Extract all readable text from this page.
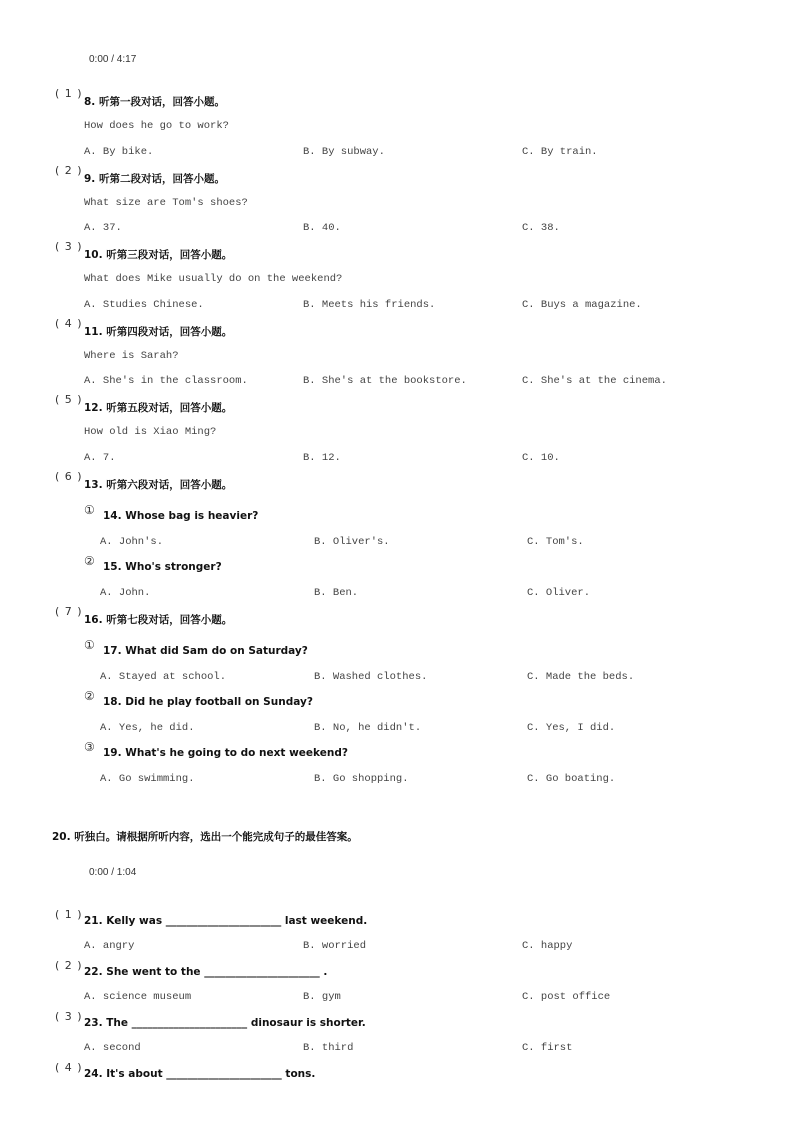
0:00 / 4:17
( 1 )
8. 听第一段对话，回答小题。
How does he go to work?
A. By bike.	B. By subway.	C. By train.
( 2 )
9. 听第二段对话，回答小题。
What size are Tom's shoes?
A. 37.	B. 40.	C. 38.
( 3 )
10. 听第三段对话，回答小题。
What does Mike usually do on the weekend?
A. Studies Chinese.	B. Meets his friends.	C. Buys a magazine.
( 4 )
11. 听第四段对话，回答小题。
Where is Sarah?
A. She's in the classroom.	B. She's at the bookstore.	C. She's at the cinema.
( 5 )
12. 听第五段对话，回答小题。
How old is Xiao Ming?
A. 7.	B. 12.	C. 10.
( 6 )
13. 听第六段对话，回答小题。
① 14. Whose bag is heavier?
A. John's.	B. Oliver's.	C. Tom's.
② 15. Who's stronger?
A. John.	B. Ben.	C. Oliver.
( 7 )
16. 听第七段对话，回答小题。
① 17. What did Sam do on Saturday?
A. Stayed at school.	B. Washed clothes.	C. Made the beds.
② 18. Did he play football on Sunday?
A. Yes, he did.	B. No, he didn't.	C. Yes, I did.
③ 19. What's he going to do next weekend?
A. Go swimming.	B. Go shopping.	C. Go boating.
20. 听独白。请根据所听内容，选出一个能完成句子的最佳答案。
0:00 / 1:04
( 1 ) 21. Kelly was ______________________ last weekend.
A. angry	B. worried	C. happy
( 2 ) 22. She went to the ______________________ .
A. science museum	B. gym	C. post office
( 3 ) 23. The ______________________ dinosaur is shorter.
A. second	B. third	C. first
( 4 ) 24. It's about ______________________ tons.
